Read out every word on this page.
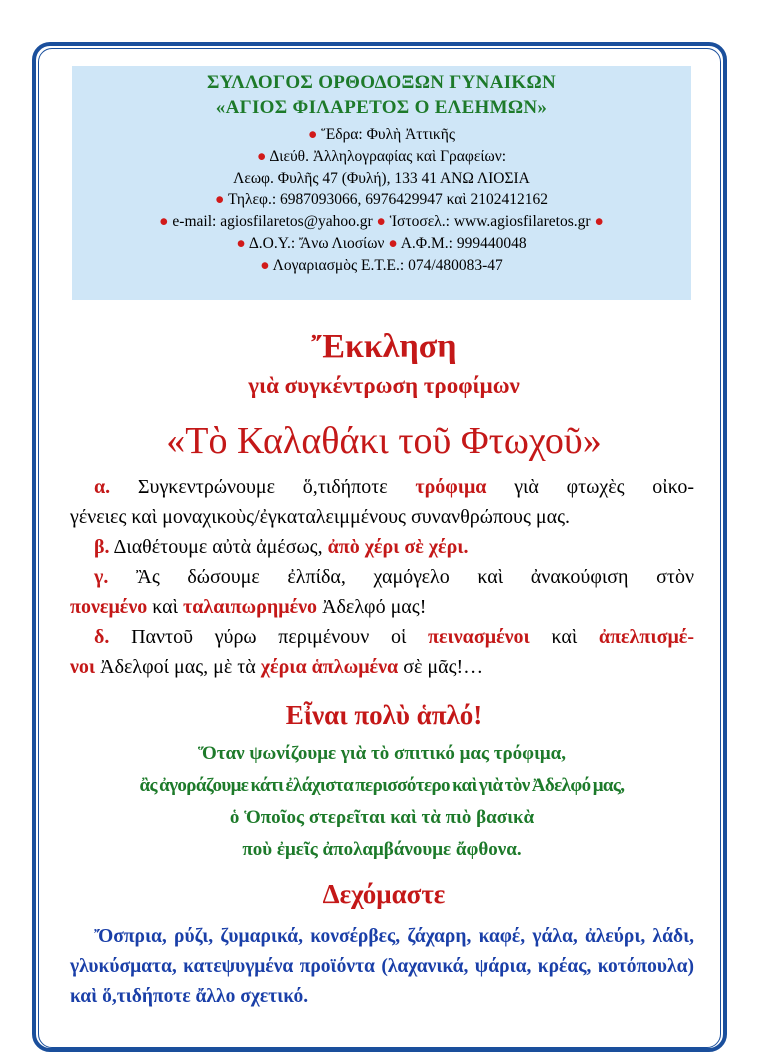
ΣΥΛΛΟΓΟΣ ΟΡΘΟΔΟΞΩΝ ΓΥΝΑΙΚΩΝ
«ΑΓΙΟΣ ΦΙΛΑΡΕΤΟΣ Ο ΕΛΕΗΜΩΝ»
● Ἕδρα: Φυλὴ Ἀττικῆς
● Διεύθ. Ἀλληλογραφίας καὶ Γραφείων:
Λεωφ. Φυλῆς 47 (Φυλή), 133 41 ΑΝΩ ΛΙΟΣΙΑ
● Τηλεφ.: 6987093066, 6976429947 καὶ 2102412162
● e-mail: agiosfilaretos@yahoo.gr ● Ἱστοσελ.: www.agiosfilaretos.gr ●
● Δ.Ο.Υ.: Ἄνω Λιοσίων ● Α.Φ.Μ.: 999440048
● Λογαριασμὸς Ε.Τ.Ε.: 074/480083-47
Ἔκκληση
γιὰ συγκέντρωση τροφίμων
«Τὸ Καλαθάκι τοῦ Φτωχοῦ»

α. Συγκεντρώνουμε ὅ,τιδήποτε τρόφιμα γιὰ φτωχὲς οἰκο-

γένειες καὶ μοναχικοὺς/ἐγκαταλειμμένους συνανθρώπους μας.

β. Διαθέτουμε αὐτὰ ἀμέσως, ἀπὸ χέρι σὲ χέρι.

γ. Ἂς δώσουμε ἐλπίδα, χαμόγελο καὶ ἀνακούφιση στὸν

πονεμένο καὶ ταλαιπωρημένο Ἀδελφό μας!

δ. Παντοῦ γύρω περιμένουν οἱ πεινασμένοι καὶ ἀπελπισμέ-

νοι Ἀδελφοί μας, μὲ τὰ χέρια ἁπλωμένα σὲ μᾶς!…

Εἶναι πολὺ ἁπλό!
Ὅταν ψωνίζουμε γιὰ τὸ σπιτικό μας τρόφιμα,
ἂς ἀγοράζουμε κάτι ἐλάχιστα περισσότερο καὶ γιὰ τὸν Ἀδελφό μας,
ὁ Ὁποῖος στερεῖται καὶ τὰ πιὸ βασικὰ
ποὺ ἐμεῖς ἀπολαμβάνουμε ἄφθονα.
Δεχόμαστε

Ὄσπρια, ρύζι, ζυμαρικά, κονσέρβες, ζάχαρη, καφέ, γάλα, ἀλεύρι, λάδι, γλυκύσματα, κατεψυγμένα προϊόντα (λαχανικά, ψάρια, κρέας, κοτόπουλα) καὶ ὅ,τιδήποτε ἄλλο σχετικό.
